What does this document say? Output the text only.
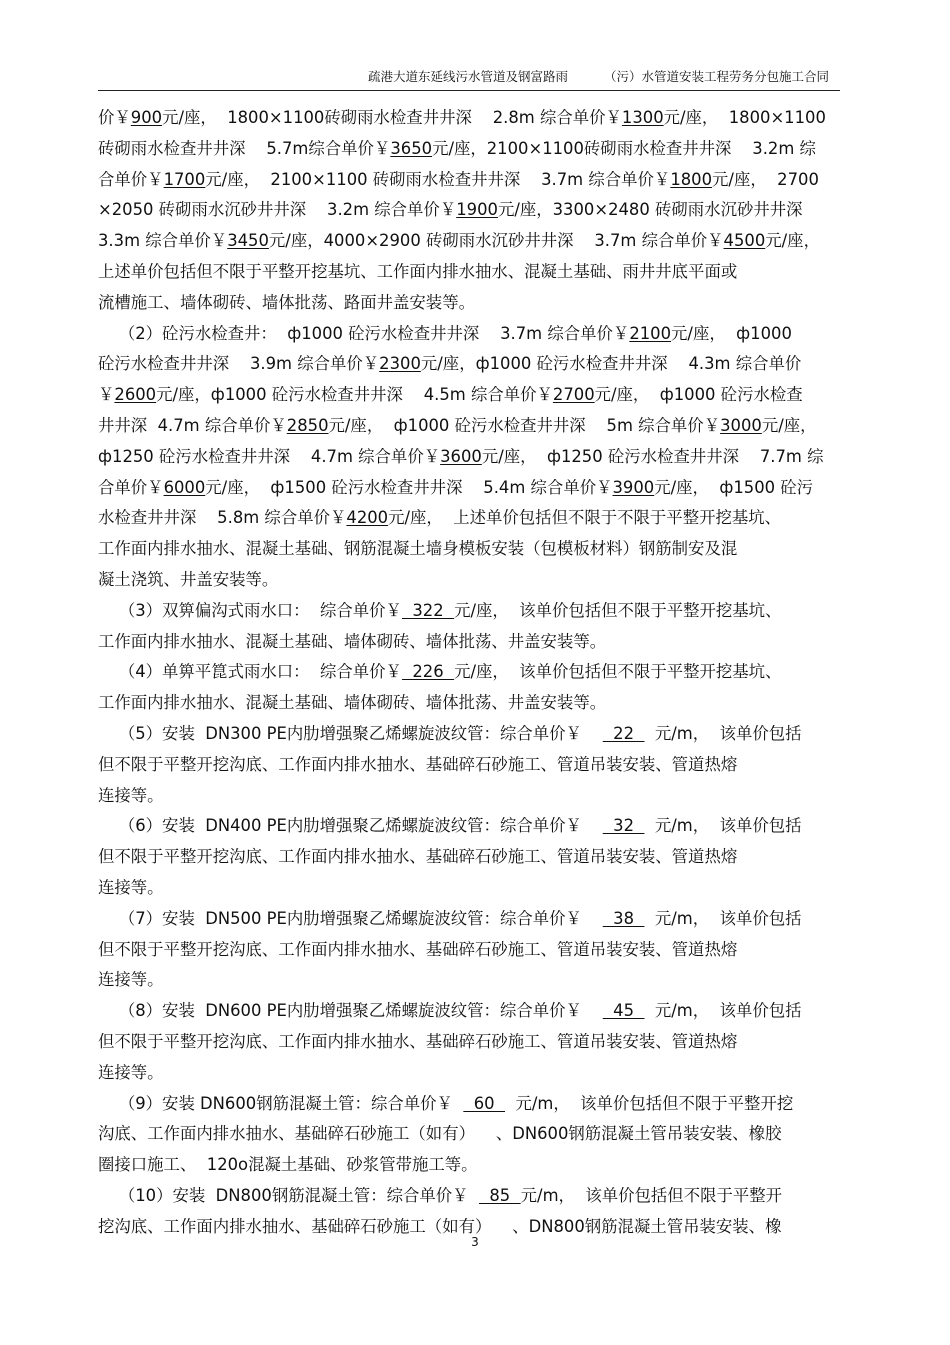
疏港大道东延线污水管道及钢富路雨	（污）水管道安装工程劳务分包施工合同
价￥900元/座，  1800×1100砖砌雨水检查井井深    2.8m 综合单价￥1300元/座，  1800×1100
砖砌雨水检查井井深    5.7m综合单价￥3650元/座，2100×1100砖砌雨水检查井井深    3.2m 综
合单价￥1700元/座，  2100×1100 砖砌雨水检查井井深    3.7m 综合单价￥1800元/座，  2700
×2050 砖砌雨水沉砂井井深    3.2m 综合单价￥1900元/座，3300×2480 砖砌雨水沉砂井井深
3.3m 综合单价￥3450元/座，4000×2900 砖砌雨水沉砂井井深    3.7m 综合单价￥4500元/座，
上述单价包括但不限于平整开挖基坑、工作面内排水抽水、混凝土基础、雨井井底平面或
流槽施工、墙体砌砖、墙体批荡、路面井盖安装等。
（2）砼污水检查井：  ф1000 砼污水检查井井深    3.7m 综合单价￥2100元/座，  ф1000
砼污水检查井井深    3.9m 综合单价￥2300元/座，ф1000 砼污水检查井井深    4.3m 综合单价
￥2600元/座，ф1000 砼污水检查井井深    4.5m 综合单价￥2700元/座，  ф1000 砼污水检查
井井深  4.7m 综合单价￥2850元/座，  ф1000 砼污水检查井井深    5m 综合单价￥3000元/座，
ф1250 砼污水检查井井深    4.7m 综合单价￥3600元/座，  ф1250 砼污水检查井井深    7.7m 综
合单价￥6000元/座，  ф1500 砼污水检查井井深    5.4m 综合单价￥3900元/座，  ф1500 砼污
水检查井井深    5.8m 综合单价￥4200元/座，  上述单价包括但不限于不限于平整开挖基坑、
工作面内排水抽水、混凝土基础、钢筋混凝土墙身模板安装（包模板材料）钢筋制安及混
凝土浇筑、井盖安装等。
（3）双箅偏沟式雨水口：  综合单价￥  322  元/座，  该单价包括但不限于平整开挖基坑、
工作面内排水抽水、混凝土基础、墙体砌砖、墙体批荡、井盖安装等。
（4）单箅平箟式雨水口：  综合单价￥  226  元/座，  该单价包括但不限于平整开挖基坑、
工作面内排水抽水、混凝土基础、墙体砌砖、墙体批荡、井盖安装等。
（5）安装  DN300 PE内肋增强聚乙烯螺旋波纹管：综合单价￥      22    元/m，  该单价包括
但不限于平整开挖沟底、工作面内排水抽水、基础碎石砂施工、管道吊装安装、管道热熔
连接等。
（6）安装  DN400 PE内肋增强聚乙烯螺旋波纹管：综合单价￥      32    元/m，  该单价包括
但不限于平整开挖沟底、工作面内排水抽水、基础碎石砂施工、管道吊装安装、管道热熔
连接等。
（7）安装  DN500 PE内肋增强聚乙烯螺旋波纹管：综合单价￥      38    元/m，  该单价包括
但不限于平整开挖沟底、工作面内排水抽水、基础碎石砂施工、管道吊装安装、管道热熔
连接等。
（8）安装  DN600 PE内肋增强聚乙烯螺旋波纹管：综合单价￥      45    元/m，  该单价包括
但不限于平整开挖沟底、工作面内排水抽水、基础碎石砂施工、管道吊装安装、管道热熔
连接等。
（9）安装 DN600钢筋混凝土管：综合单价￥    60    元/m，  该单价包括但不限于平整开挖
沟底、工作面内排水抽水、基础碎石砂施工（如有）    、DN600钢筋混凝土管吊装安装、橡胶
圈接口施工、  120o混凝土基础、砂浆管带施工等。
（10）安装  DN800钢筋混凝土管：综合单价￥    85  元/m，  该单价包括但不限于平整开
挖沟底、工作面内排水抽水、基础碎石砂施工（如有）    、DN800钢筋混凝土管吊装安装、橡
3
